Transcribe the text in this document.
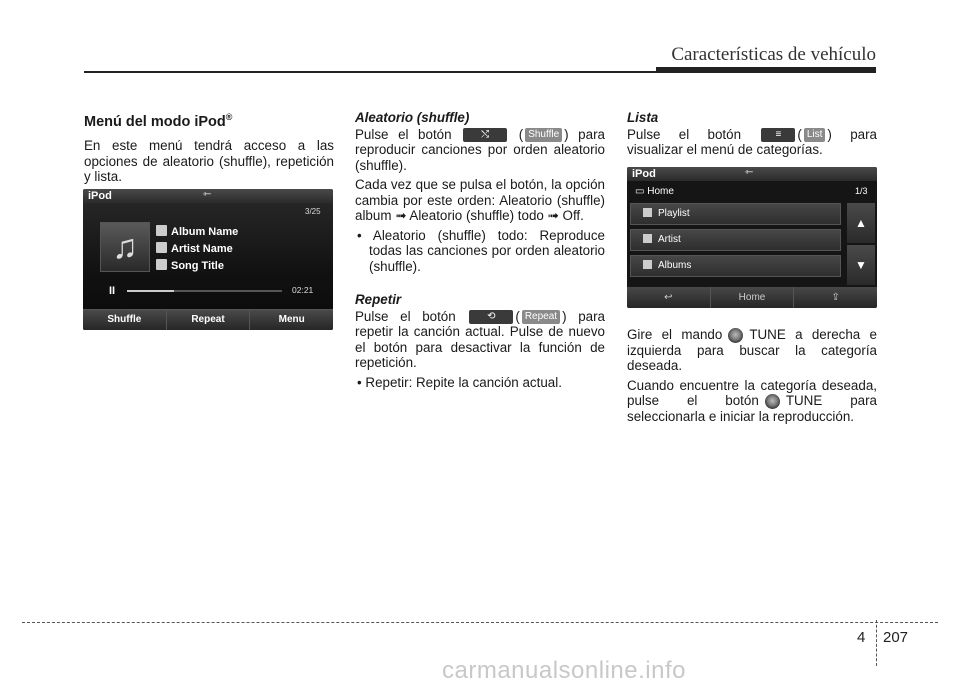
Características de vehículo
Menú del modo iPod®

En este menú tendrá acceso a las opciones de aleatorio (shuffle), repetición y lista.

iPod	⇽
3/25
♫	Album Name
Artist Name
Song Title
II	02:21
Shuffle	Repeat	Menu
Aleatorio (shuffle)

Pulse el botón	⤭ ( Shuffle ) para reproducir canciones por orden aleatorio (shuffle).

Cada vez que se pulsa el botón, la opción cambia por este orden: Aleatorio (shuffle) album ➟ Aleatorio (shuffle) todo ➟ Off.

• Aleatorio (shuffle) todo: Reproduce todas las canciones por orden aleatorio (shuffle).

Repetir

Pulse el botón	⟲ ( Repeat ) para repetir la canción actual. Pulse de nuevo el botón para desactivar la función de repetición.

• Repetir: Repite la canción actual.

Lista

Pulse el botón	≡ ( List ) para visualizar el menú de categorías.

iPod	⇽
▭ Home	1/3
Playlist
Artist
Albums
▲
▼
↩	Home	⇪

Gire el mando TUNE a derecha e izquierda para buscar la categoría deseada.

Cuando encuentre la categoría deseada, pulse el botón TUNE para seleccionarla e iniciar la reproducción.

4 207
carmanualsonline.info
